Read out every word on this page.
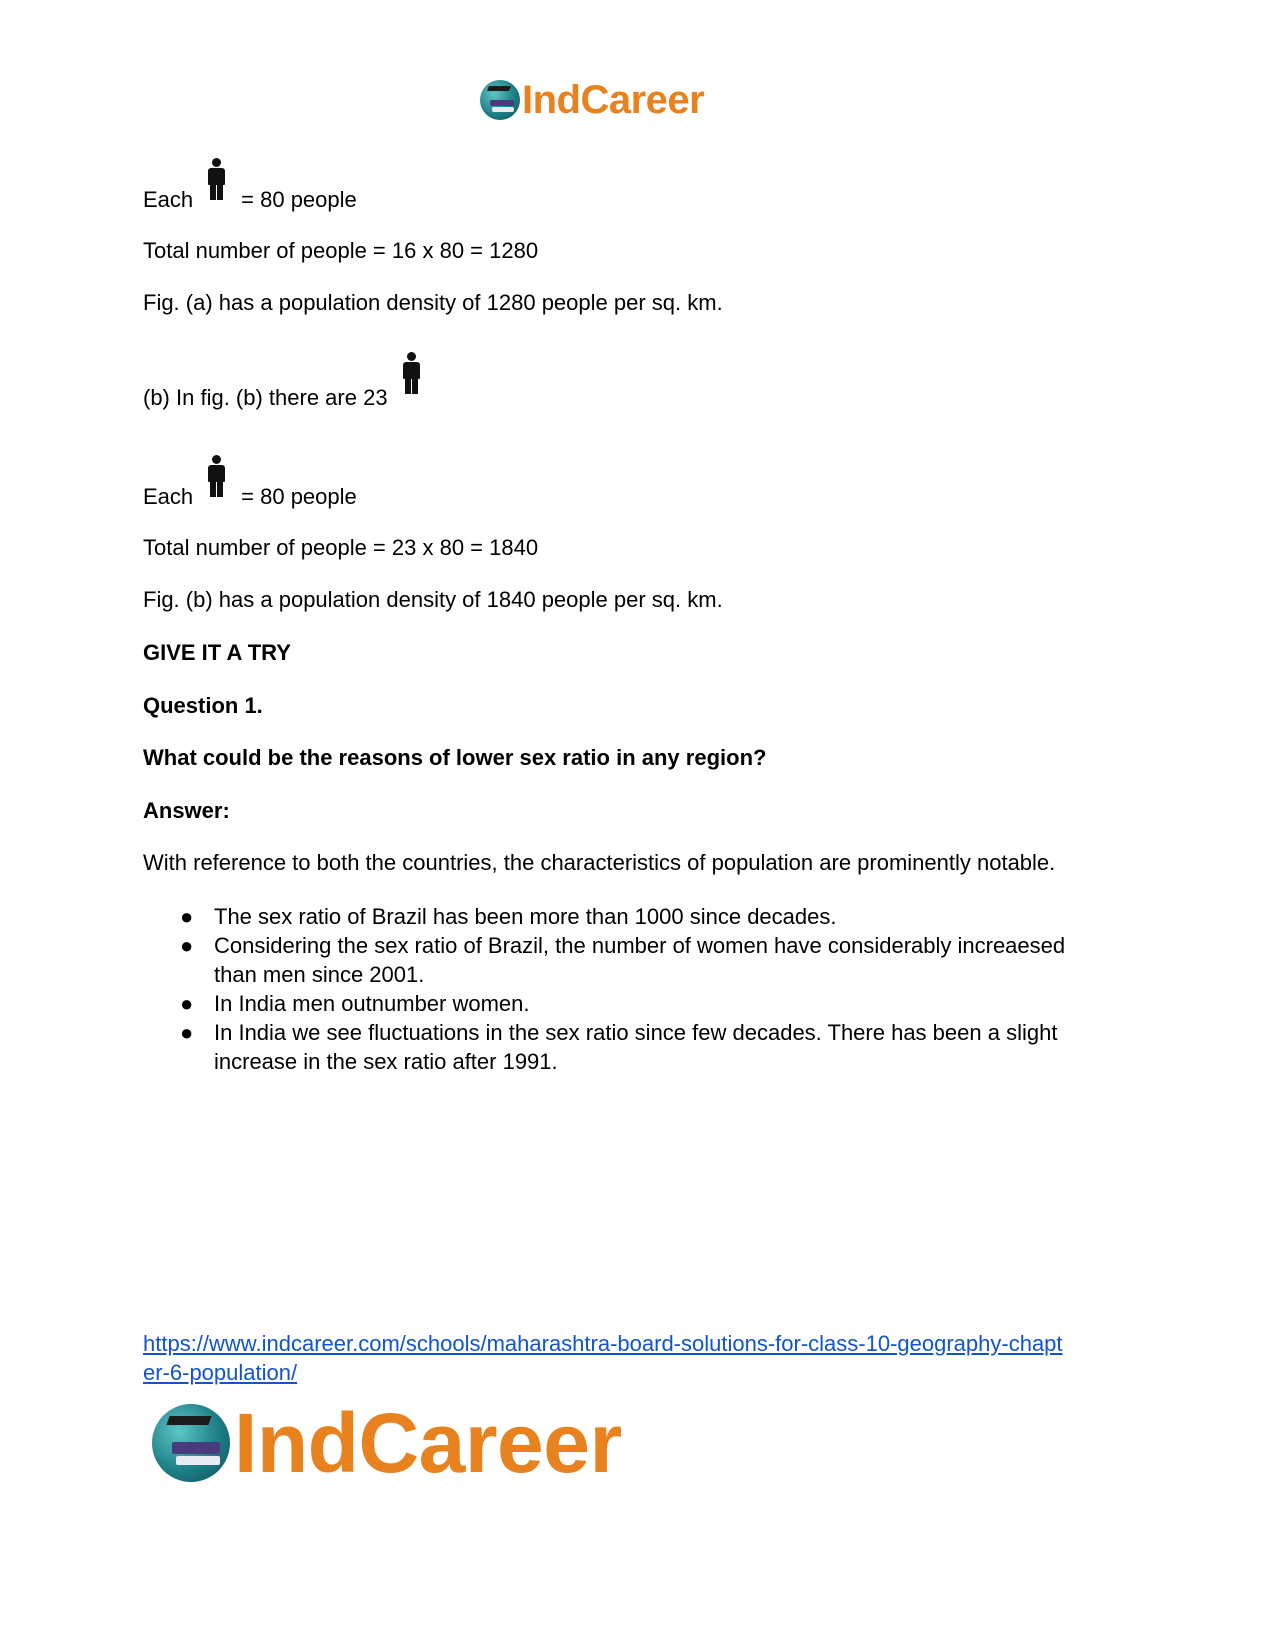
IndCareer
Each = 80 people
Total number of people = 16 x 80 = 1280
Fig. (a) has a population density of 1280 people per sq. km.
(b) In fig. (b) there are 23
Each = 80 people
Total number of people = 23 x 80 = 1840
Fig. (b) has a population density of 1840 people per sq. km.
GIVE IT A TRY
Question 1.
What could be the reasons of lower sex ratio in any region?
Answer:
With reference to both the countries, the characteristics of population are prominently notable.
● The sex ratio of Brazil has been more than 1000 since decades.
● Considering the sex ratio of Brazil, the number of women have considerably increaesed than men since 2001.
● In India men outnumber women.
● In India we see fluctuations in the sex ratio since few decades. There has been a slight increase in the sex ratio after 1991.
https://www.indcareer.com/schools/maharashtra-board-solutions-for-class-10-geography-chapter-6-population/
IndCareer
